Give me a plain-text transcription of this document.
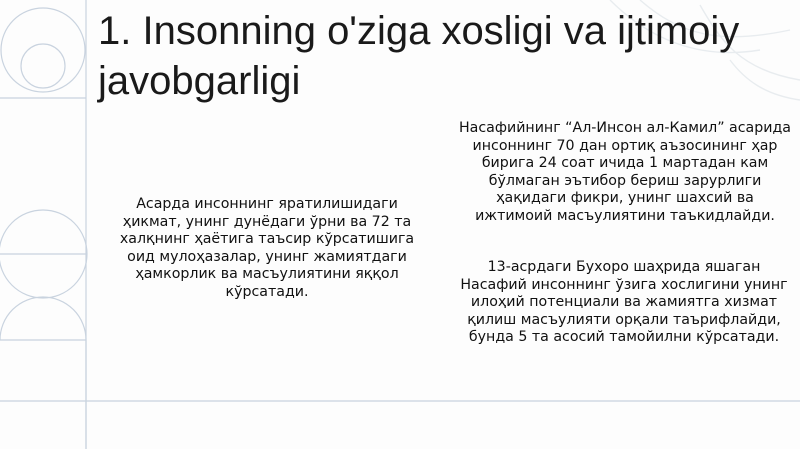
1. Insonning o'ziga xosligi va ijtimoiy javobgarligi
Асарда инсоннинг яратилишидаги ҳикмат, унинг дунёдаги ўрни ва 72 та халқнинг ҳаётига таъсир кўрсатишига оид мулоҳазалар, унинг жамиятдаги ҳамкорлик ва масъулиятини яққол кўрсатади.
Насафийнинг “Ал-Инсон ал-Камил” асарида инсоннинг 70 дан ортиқ аъзосининг ҳар бирига 24 соат ичида 1 мартадан кам бўлмаган эътибор бериш зарурлиги ҳақидаги фикри, унинг шахсий ва ижтимоий масъулиятини таъкидлайди.
13-асрдаги Бухоро шаҳрида яшаган Насафий инсоннинг ўзига хослигини унинг илоҳий потенциали ва жамиятга хизмат қилиш масъулияти орқали таърифлайди, бунда 5 та асосий тамойилни кўрсатади.
